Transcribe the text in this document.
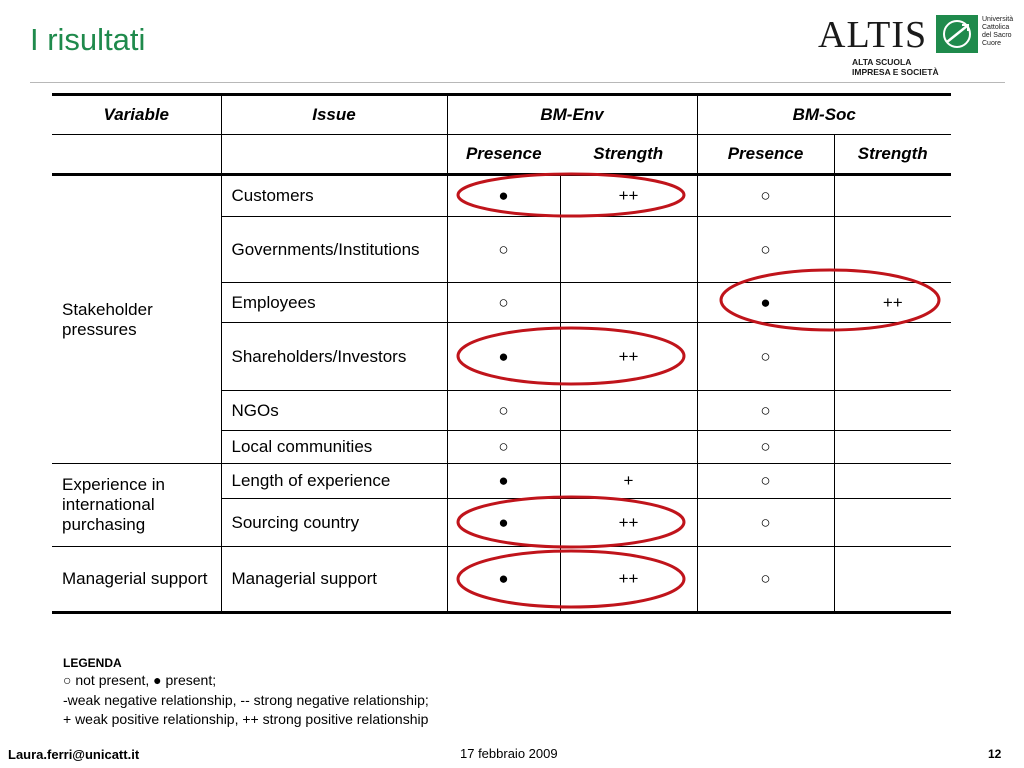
I risultati	ALTIS
ALTA SCUOLA
IMPRESA E SOCIETÀ
Università
Cattolica
del Sacro
Cuore
Variable	Issue	BM-Env		BM-Soc	
		Presence	Strength	Presence	Strength
Stakeholder pressures	Customers	●	++	○	
	Governments/Institutions	○		○	
	Employees	○		●	++
	Shareholders/Investors	●	++	○	
	NGOs	○		○	
	Local communities	○		○	
Experience in international purchasing	Length of experience	●	+	○	
	Sourcing country	●	++	○	
Managerial support	Managerial support	●	++	○	
LEGENDA
○ not present, ● present;
-weak negative relationship, -- strong negative relationship;
+ weak positive relationship, ++ strong positive relationship
Laura.ferri@unicatt.it	17 febbraio 2009	12
